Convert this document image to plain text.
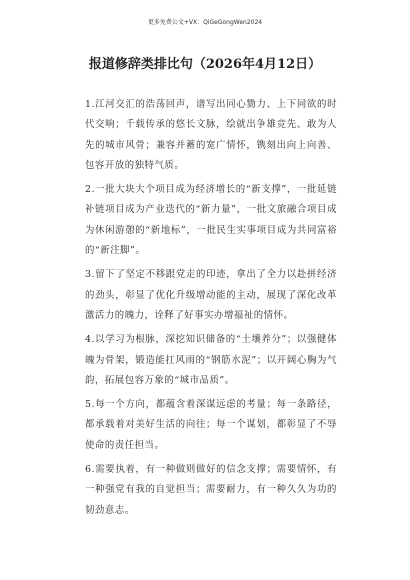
更多免费公文+VX：QiGeGongWen2024
报道修辞类排比句（2026年4月12日）

1.江河交汇的浩荡回声，谱写出同心勠力、上下同欲的时代交响；千载传承的悠长文脉，绘就出争雄竞先、敢为人先的城市风骨；兼容并蓄的宽广情怀，镌刻出向上向善、包容开放的独特气质。

2.一批大块大个项目成为经济增长的“新支撑”，一批延链补链项目成为产业迭代的“新力量”，一批文旅融合项目成为休闲游憩的“新地标”，一批民生实事项目成为共同富裕的“新注脚”。

3.留下了坚定不移跟党走的印迹，拿出了全力以赴拼经济的劲头，彰显了优化升级增动能的主动，展现了深化改革激活力的魄力，诠释了好事实办增福祉的情怀。

4.以学习为根脉，深挖知识储备的“土壤养分”；以强健体魄为骨架，锻造能扛风雨的“钢筋水泥”；以开阔心胸为气韵，拓展包容万象的“城市品质”。

5.每一个方向，都蕴含着深谋远虑的考量；每一条路径，都承载着对美好生活的向往；每一个谋划，都彰显了不辱使命的责任担当。

6.需要执着，有一种做则做好的信念支撑；需要情怀，有一种强党有我的自觉担当；需要耐力，有一种久久为功的韧劲意志。
